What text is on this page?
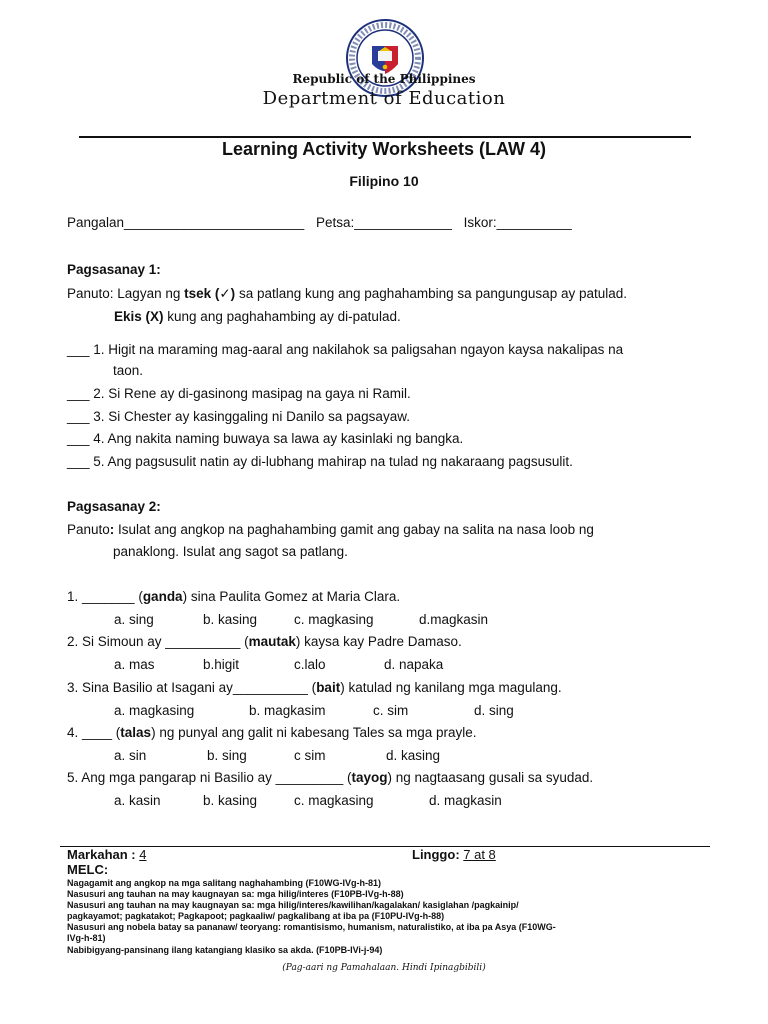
Republic of the Philippines
Department of Education
Learning Activity Worksheets (LAW 4)
Filipino 10
Pangalan________________________ Petsa:_____________ Iskor:__________
Pagsasanay 1:
Panuto: Lagyan ng tsek (✓) sa patlang kung ang paghahambing sa pangungusap ay patulad.
Ekis (X) kung ang paghahambing ay di-patulad.
___ 1. Higit na maraming mag-aaral ang nakilahok sa paligsahan ngayon kaysa nakalipas na
taon.
___ 2. Si Rene ay di-gasinong masipag na gaya ni Ramil.
___ 3. Si Chester ay kasinggaling ni Danilo sa pagsayaw.
___ 4. Ang nakita naming buwaya sa lawa ay kasinlaki ng bangka.
___ 5. Ang pagsusulit natin ay di-lubhang mahirap na tulad ng nakaraang pagsusulit.
Pagsasanay 2:
Panuto: Isulat ang angkop na paghahambing gamit ang gabay na salita na nasa loob ng
panaklong. Isulat ang sagot sa patlang.
1. _______ (ganda) sina Paulita Gomez at Maria Clara.
a. sing	b. kasing	c. magkasing	d.magkasin
2. Si Simoun ay __________ (mautak) kaysa kay Padre Damaso.
a. mas	b.higit	c.lalo	d. napaka
3. Sina Basilio at Isagani ay__________ (bait) katulad ng kanilang mga magulang.
a. magkasing	b. magkasim	c. sim	d. sing
4. ____ (talas) ng punyal ang galit ni kabesang Tales sa mga prayle.
a. sin	b. sing	c sim	d. kasing
5. Ang mga pangarap ni Basilio ay _________ (tayog) ng nagtaasang gusali sa syudad.
a. kasin	b. kasing	c. magkasing	d. magkasin
Markahan : 4	Linggo: 7 at 8
MELC:
Nagagamit ang angkop na mga salitang naghahambing (F10WG-IVg-h-81)
Nasusuri ang tauhan na may kaugnayan sa: mga hilig/interes (F10PB-IVg-h-88)
Nasusuri ang tauhan na may kaugnayan sa: mga hilig/interes/kawilihan/kagalakan/ kasiglahan /pagkainip/
pagkayamot; pagkatakot; Pagkapoot; pagkaaliw/ pagkalibang at iba pa (F10PU-IVg-h-88)
Nasusuri ang nobela batay sa pananaw/ teoryang: romantisismo, humanism, naturalistiko, at iba pa Asya (F10WG-
IVg-h-81)
Nabibigyang-pansinang ilang katangiang klasiko sa akda. (F10PB-IVi-j-94)
(Pag-aari ng Pamahalaan. Hindi Ipinagbibili)
